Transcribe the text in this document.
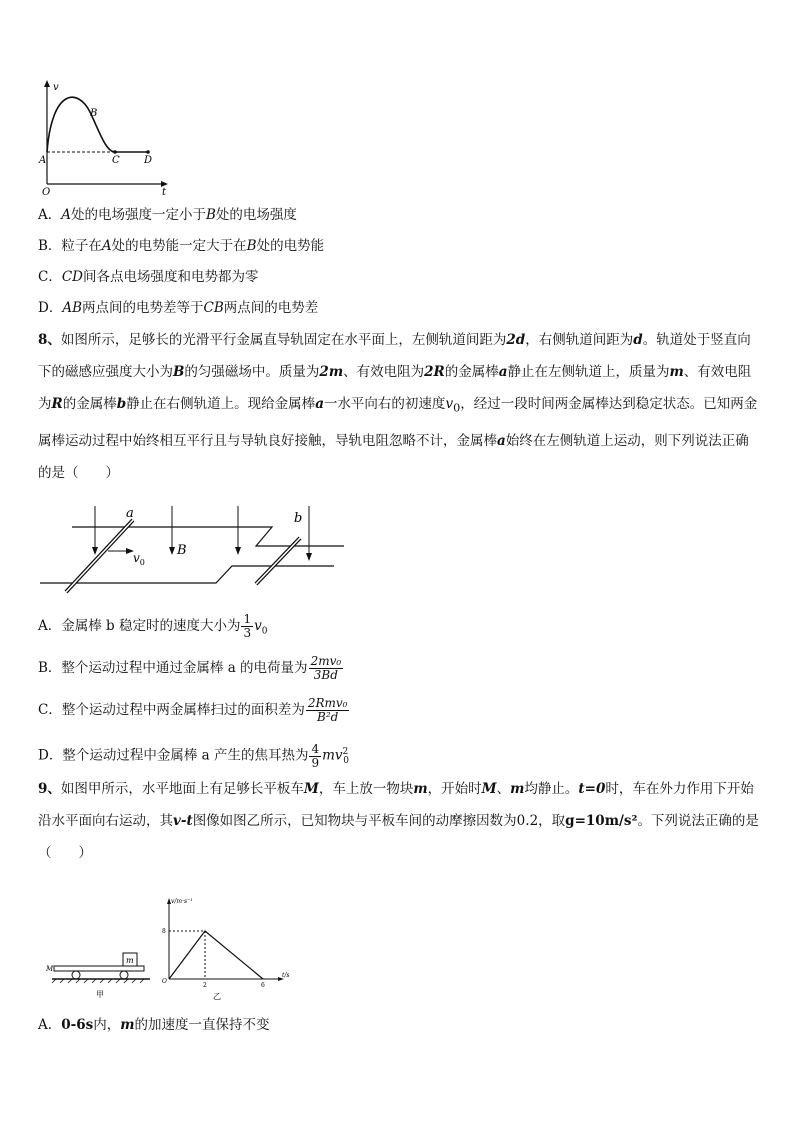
v
B
A	C D
O	t
A．A处的电场强度一定小于B处的电场强度
B．粒子在A处的电势能一定大于在B处的电势能
C．CD间各点电场强度和电势都为零
D．AB两点间的电势差等于CB两点间的电势差
8、如图所示，足够长的光滑平行金属直导轨固定在水平面上，左侧轨道间距为2d，右侧轨道间距为d。轨道处于竖直向下的磁感应强度大小为B的匀强磁场中。质量为2m、有效电阻为2R的金属棒a静止在左侧轨道上，质量为m、有效电阻为R的金属棒b静止在右侧轨道上。现给金属棒a一水平向右的初速度$v_0$，经过一段时间两金属棒达到稳定状态。已知两金属棒运动过程中始终相互平行且与导轨良好接触，导轨电阻忽略不计，金属棒a始终在左侧轨道上运动，则下列说法正确的是（　　）
a	b
$v_0$
B
A．金属棒 b 稳定时的速度大小为 $\frac{1}{3} v_0$
B．整个运动过程中通过金属棒 a 的电荷量为 $\frac{\text{2mv₀}}{3Bd}$
C．整个运动过程中两金属棒扫过的面积差为 $\frac{\text{2Rmv₀}}{\text{B²d}}$
D．整个运动过程中金属棒 a 产生的焦耳热为 $\frac{4}{9} mv^2_0$
9、如图甲所示，水平地面上有足够长平板车M，车上放一物块m，开始时M、m均静止。t=0时，车在外力作用下开始沿水平面向右运动，其v-t图像如图乙所示，已知物块与平板车间的动摩擦因数为0.2，取g=10m/s²。下列说法正确的是（　　）
m
M
甲
v/m·s⁻¹
t/s
8
2	6
O
乙
A．0-6s内，m的加速度一直保持不变
